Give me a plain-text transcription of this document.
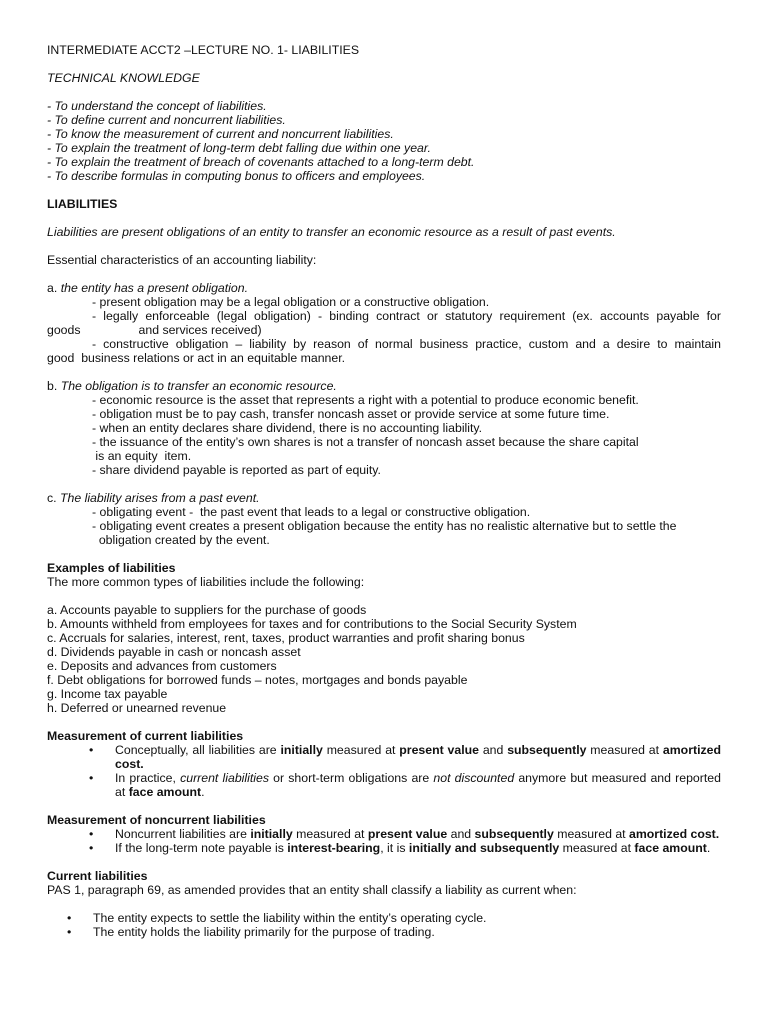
INTERMEDIATE ACCT2 –LECTURE NO. 1- LIABILITIES

TECHNICAL KNOWLEDGE

- To understand the concept of liabilities.

- To define current and noncurrent liabilities.

- To know the measurement of current and noncurrent liabilities.

- To explain the treatment of long-term debt falling due within one year.

- To explain the treatment of breach of covenants attached to a long-term debt.

- To describe formulas in computing bonus to officers and employees.

LIABILITIES

Liabilities are present obligations of an entity to transfer an economic resource as a result of past events.

Essential characteristics of an accounting liability:

a. the entity has a present obligation.

- present obligation may be a legal obligation or a constructive obligation.

- legally enforceable (legal obligation) - binding contract or statutory requirement (ex. accounts payable for

goods	and services received)

- constructive obligation – liability by reason of normal business practice, custom and a desire to maintain

good  business relations or act in an equitable manner.

b. The obligation is to transfer an economic resource.

- economic resource is the asset that represents a right with a potential to produce economic benefit.

- obligation must be to pay cash, transfer noncash asset or provide service at some future time.

- when an entity declares share dividend, there is no accounting liability.

- the issuance of the entity’s own shares is not a transfer of noncash asset because the share capital

is an equity  item.

- share dividend payable is reported as part of equity.

c. The liability arises from a past event.

- obligating event -  the past event that leads to a legal or constructive obligation.

- obligating event creates a present obligation because the entity has no realistic alternative but to settle the

obligation created by the event.

Examples of liabilities

The more common types of liabilities include the following:

a. Accounts payable to suppliers for the purchase of goods

b. Amounts withheld from employees for taxes and for contributions to the Social Security System

c. Accruals for salaries, interest, rent, taxes, product warranties and profit sharing bonus

d. Dividends payable in cash or noncash asset

e. Deposits and advances from customers

f. Debt obligations for borrowed funds – notes, mortgages and bonds payable

g. Income tax payable

h. Deferred or unearned revenue

Measurement of current liabilities

• Conceptually, all liabilities are initially measured at present value and subsequently measured at amortized cost.
• In practice, current liabilities or short-term obligations are not discounted anymore but measured and reported at face amount.

Measurement of noncurrent liabilities

• Noncurrent liabilities are initially measured at present value and subsequently measured at amortized cost.
• If the long-term note payable is interest-bearing, it is initially and subsequently measured at face amount.

Current liabilities

PAS 1, paragraph 69, as amended provides that an entity shall classify a liability as current when:

• The entity expects to settle the liability within the entity’s operating cycle.
• The entity holds the liability primarily for the purpose of trading.
